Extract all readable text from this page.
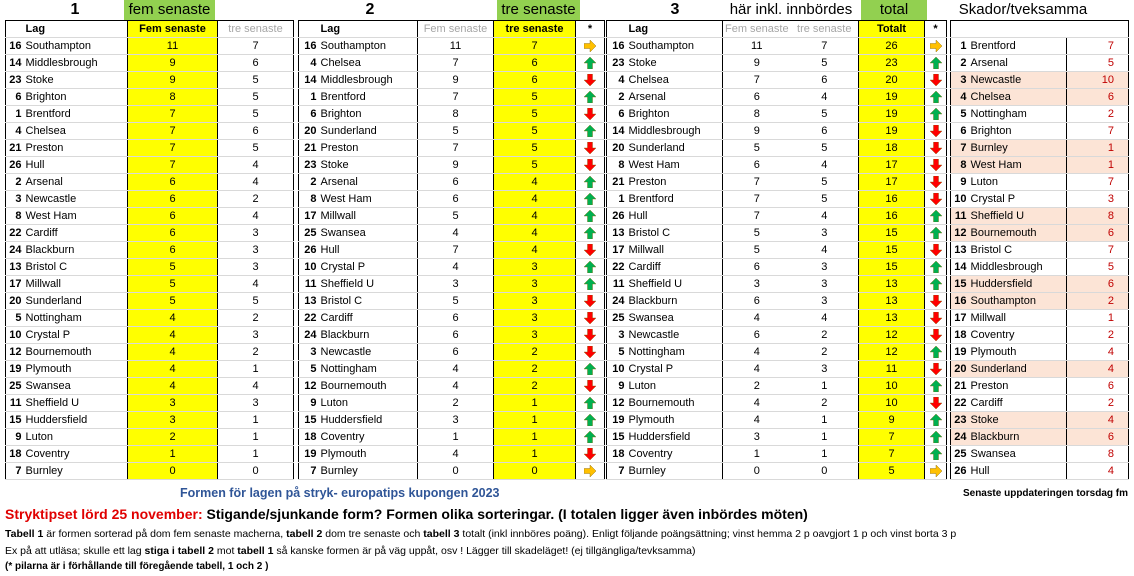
1	fem senaste	2	tre senaste	3	här inkl. innbördes	total	Skador/tveksamma
	Lag	Fem senaste	tre senaste
16	Southampton	11	7
14	Middlesbrough	9	6
23	Stoke	9	5
6	Brighton	8	5
1	Brentford	7	5
4	Chelsea	7	6
21	Preston	7	5
26	Hull	7	4
2	Arsenal	6	4
3	Newcastle	6	2
8	West Ham	6	4
22	Cardiff	6	3
24	Blackburn	6	3
13	Bristol C	5	3
17	Millwall	5	4
20	Sunderland	5	5
5	Nottingham	4	2
10	Crystal P	4	3
12	Bournemouth	4	2
19	Plymouth	4	1
25	Swansea	4	4
11	Sheffield U	3	3
15	Huddersfield	3	1
9	Luton	2	1
18	Coventry	1	1
7	Burnley	0	0
	Lag	Fem senaste	tre senaste	*
16	Southampton	11	7	
4	Chelsea	7	6	
14	Middlesbrough	9	6	
1	Brentford	7	5	
6	Brighton	8	5	
20	Sunderland	5	5	
21	Preston	7	5	
23	Stoke	9	5	
2	Arsenal	6	4	
8	West Ham	6	4	
17	Millwall	5	4	
25	Swansea	4	4	
26	Hull	7	4	
10	Crystal P	4	3	
11	Sheffield U	3	3	
13	Bristol C	5	3	
22	Cardiff	6	3	
24	Blackburn	6	3	
3	Newcastle	6	2	
5	Nottingham	4	2	
12	Bournemouth	4	2	
9	Luton	2	1	
15	Huddersfield	3	1	
18	Coventry	1	1	
19	Plymouth	4	1	
7	Burnley	0	0	
	Lag	Fem senaste	tre senaste	Totalt	*
16	Southampton	11	7	26	
23	Stoke	9	5	23	
4	Chelsea	7	6	20	
2	Arsenal	6	4	19	
6	Brighton	8	5	19	
14	Middlesbrough	9	6	19	
20	Sunderland	5	5	18	
8	West Ham	6	4	17	
21	Preston	7	5	17	
1	Brentford	7	5	16	
26	Hull	7	4	16	
13	Bristol C	5	3	15	
17	Millwall	5	4	15	
22	Cardiff	6	3	15	
11	Sheffield U	3	3	13	
24	Blackburn	6	3	13	
25	Swansea	4	4	13	
3	Newcastle	6	2	12	
5	Nottingham	4	2	12	
10	Crystal P	4	3	11	
9	Luton	2	1	10	
12	Bournemouth	4	2	10	
19	Plymouth	4	1	9	
15	Huddersfield	3	1	7	
18	Coventry	1	1	7	
7	Burnley	0	0	5	

1	Brentford	7
2	Arsenal	5
3	Newcastle	10
4	Chelsea	6
5	Nottingham	2
6	Brighton	7
7	Burnley	1
8	West Ham	1
9	Luton	7
10	Crystal P	3
11	Sheffield U	8
12	Bournemouth	6
13	Bristol C	7
14	Middlesbrough	5
15	Huddersfield	6
16	Southampton	2
17	Millwall	1
18	Coventry	2
19	Plymouth	4
20	Sunderland	4
21	Preston	6
22	Cardiff	2
23	Stoke	4
24	Blackburn	6
25	Swansea	8
26	Hull	4
Formen för lagen på stryk- europatips kupongen 2023	Senaste uppdateringen torsdag fm
Stryktipset lörd 25 november: Stigande/sjunkande form? Formen olika sorteringar. (I totalen ligger även inbördes möten)
Tabell 1 är formen sorterad på dom fem senaste macherna, tabell 2 dom tre senaste och tabell 3 totalt (inkl innböres poäng). Enligt följande poängsättning; vinst hemma 2 p oavgjort 1 p och vinst borta 3 p
Ex på att utläsa; skulle ett lag stiga i tabell 2 mot tabell 1 så kanske formen är på väg uppåt, osv ! Lägger till skadeläget! (ej tillgängliga/tevksamma)
(* pilarna är i förhållande till föregående tabell, 1 och 2 )
